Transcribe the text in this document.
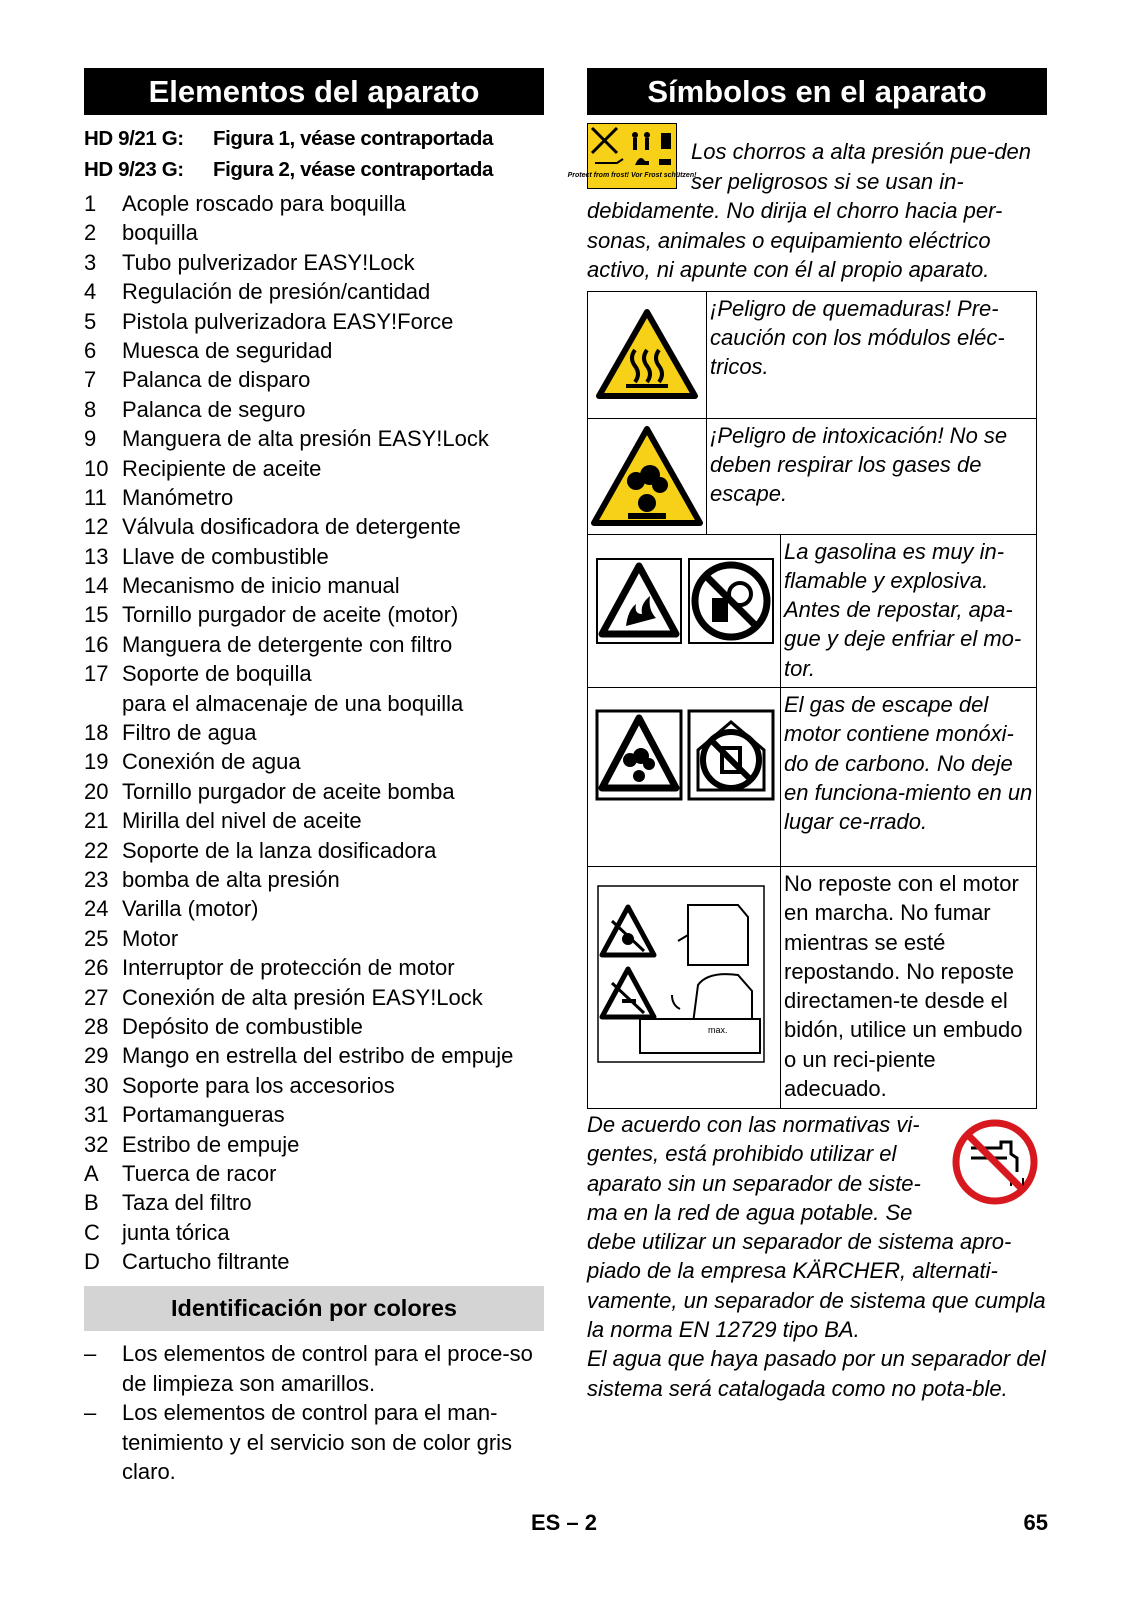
Elementos del aparato
HD 9/21 G: Figura 1, véase contraportada
HD 9/23 G: Figura 2, véase contraportada
1	Acople roscado para boquilla
2	boquilla
3	Tubo pulverizador EASY!Lock
4	Regulación de presión/cantidad
5	Pistola pulverizadora EASY!Force
6	Muesca de seguridad
7	Palanca de disparo
8	Palanca de seguro
9	Manguera de alta presión EASY!Lock
10 Recipiente de aceite
11 Manómetro
12 Válvula dosificadora de detergente
13 Llave de combustible
14 Mecanismo de inicio manual
15 Tornillo purgador de aceite (motor)
16 Manguera de detergente con filtro
17 Soporte de boquilla
para el almacenaje de una boquilla
18 Filtro de agua
19 Conexión de agua
20 Tornillo purgador de aceite bomba
21 Mirilla del nivel de aceite
22 Soporte de la lanza dosificadora
23 bomba de alta presión
24 Varilla (motor)
25 Motor
26 Interruptor de protección de motor
27 Conexión de alta presión EASY!Lock
28 Depósito de combustible
29 Mango en estrella del estribo de empuje
30 Soporte para los accesorios
31 Portamangueras
32 Estribo de empuje
A	Tuerca de racor
B	Taza del filtro
C	junta tórica
D	Cartucho filtrante
Identificación por colores
–	Los elementos de control para el proce-so de limpieza son amarillos.
–	Los elementos de control para el man-tenimiento y el servicio son de color gris claro.
Símbolos en el aparato
Protect from frost! Vor Frost schützen!

Los chorros a alta presión pue-den ser peligrosos si se usan in-debidamente. No dirija el chorro hacia per-sonas, animales o equipamiento eléctrico activo, ni apunte con él al propio aparato.

	¡Peligro de quemaduras! Pre-caución con los módulos eléc-tricos.
	¡Peligro de intoxicación! No se deben respirar los gases de escape.
	La gasolina es muy in-flamable y explosiva. Antes de repostar, apa-gue y deje enfriar el mo-tor.

	El gas de escape del motor contiene monóxi-do de carbono. No deje en funciona-miento en un lugar ce-rrado.

max.	No reposte con el motor en marcha. No fumar mientras se esté repostando. No reposte directamen-te desde el bidón, utilice un embudo o un reci-piente adecuado.

De acuerdo con las normativas vi-gentes, está prohibido utilizar el aparato sin un separador de siste-ma en la red de agua potable. Se debe utilizar un separador de sistema apro-piado de la empresa KÄRCHER, alternati-vamente, un separador de sistema que cumpla la norma EN 12729 tipo BA.

El agua que haya pasado por un separador del sistema será catalogada como no pota-ble.

ES – 2	65
